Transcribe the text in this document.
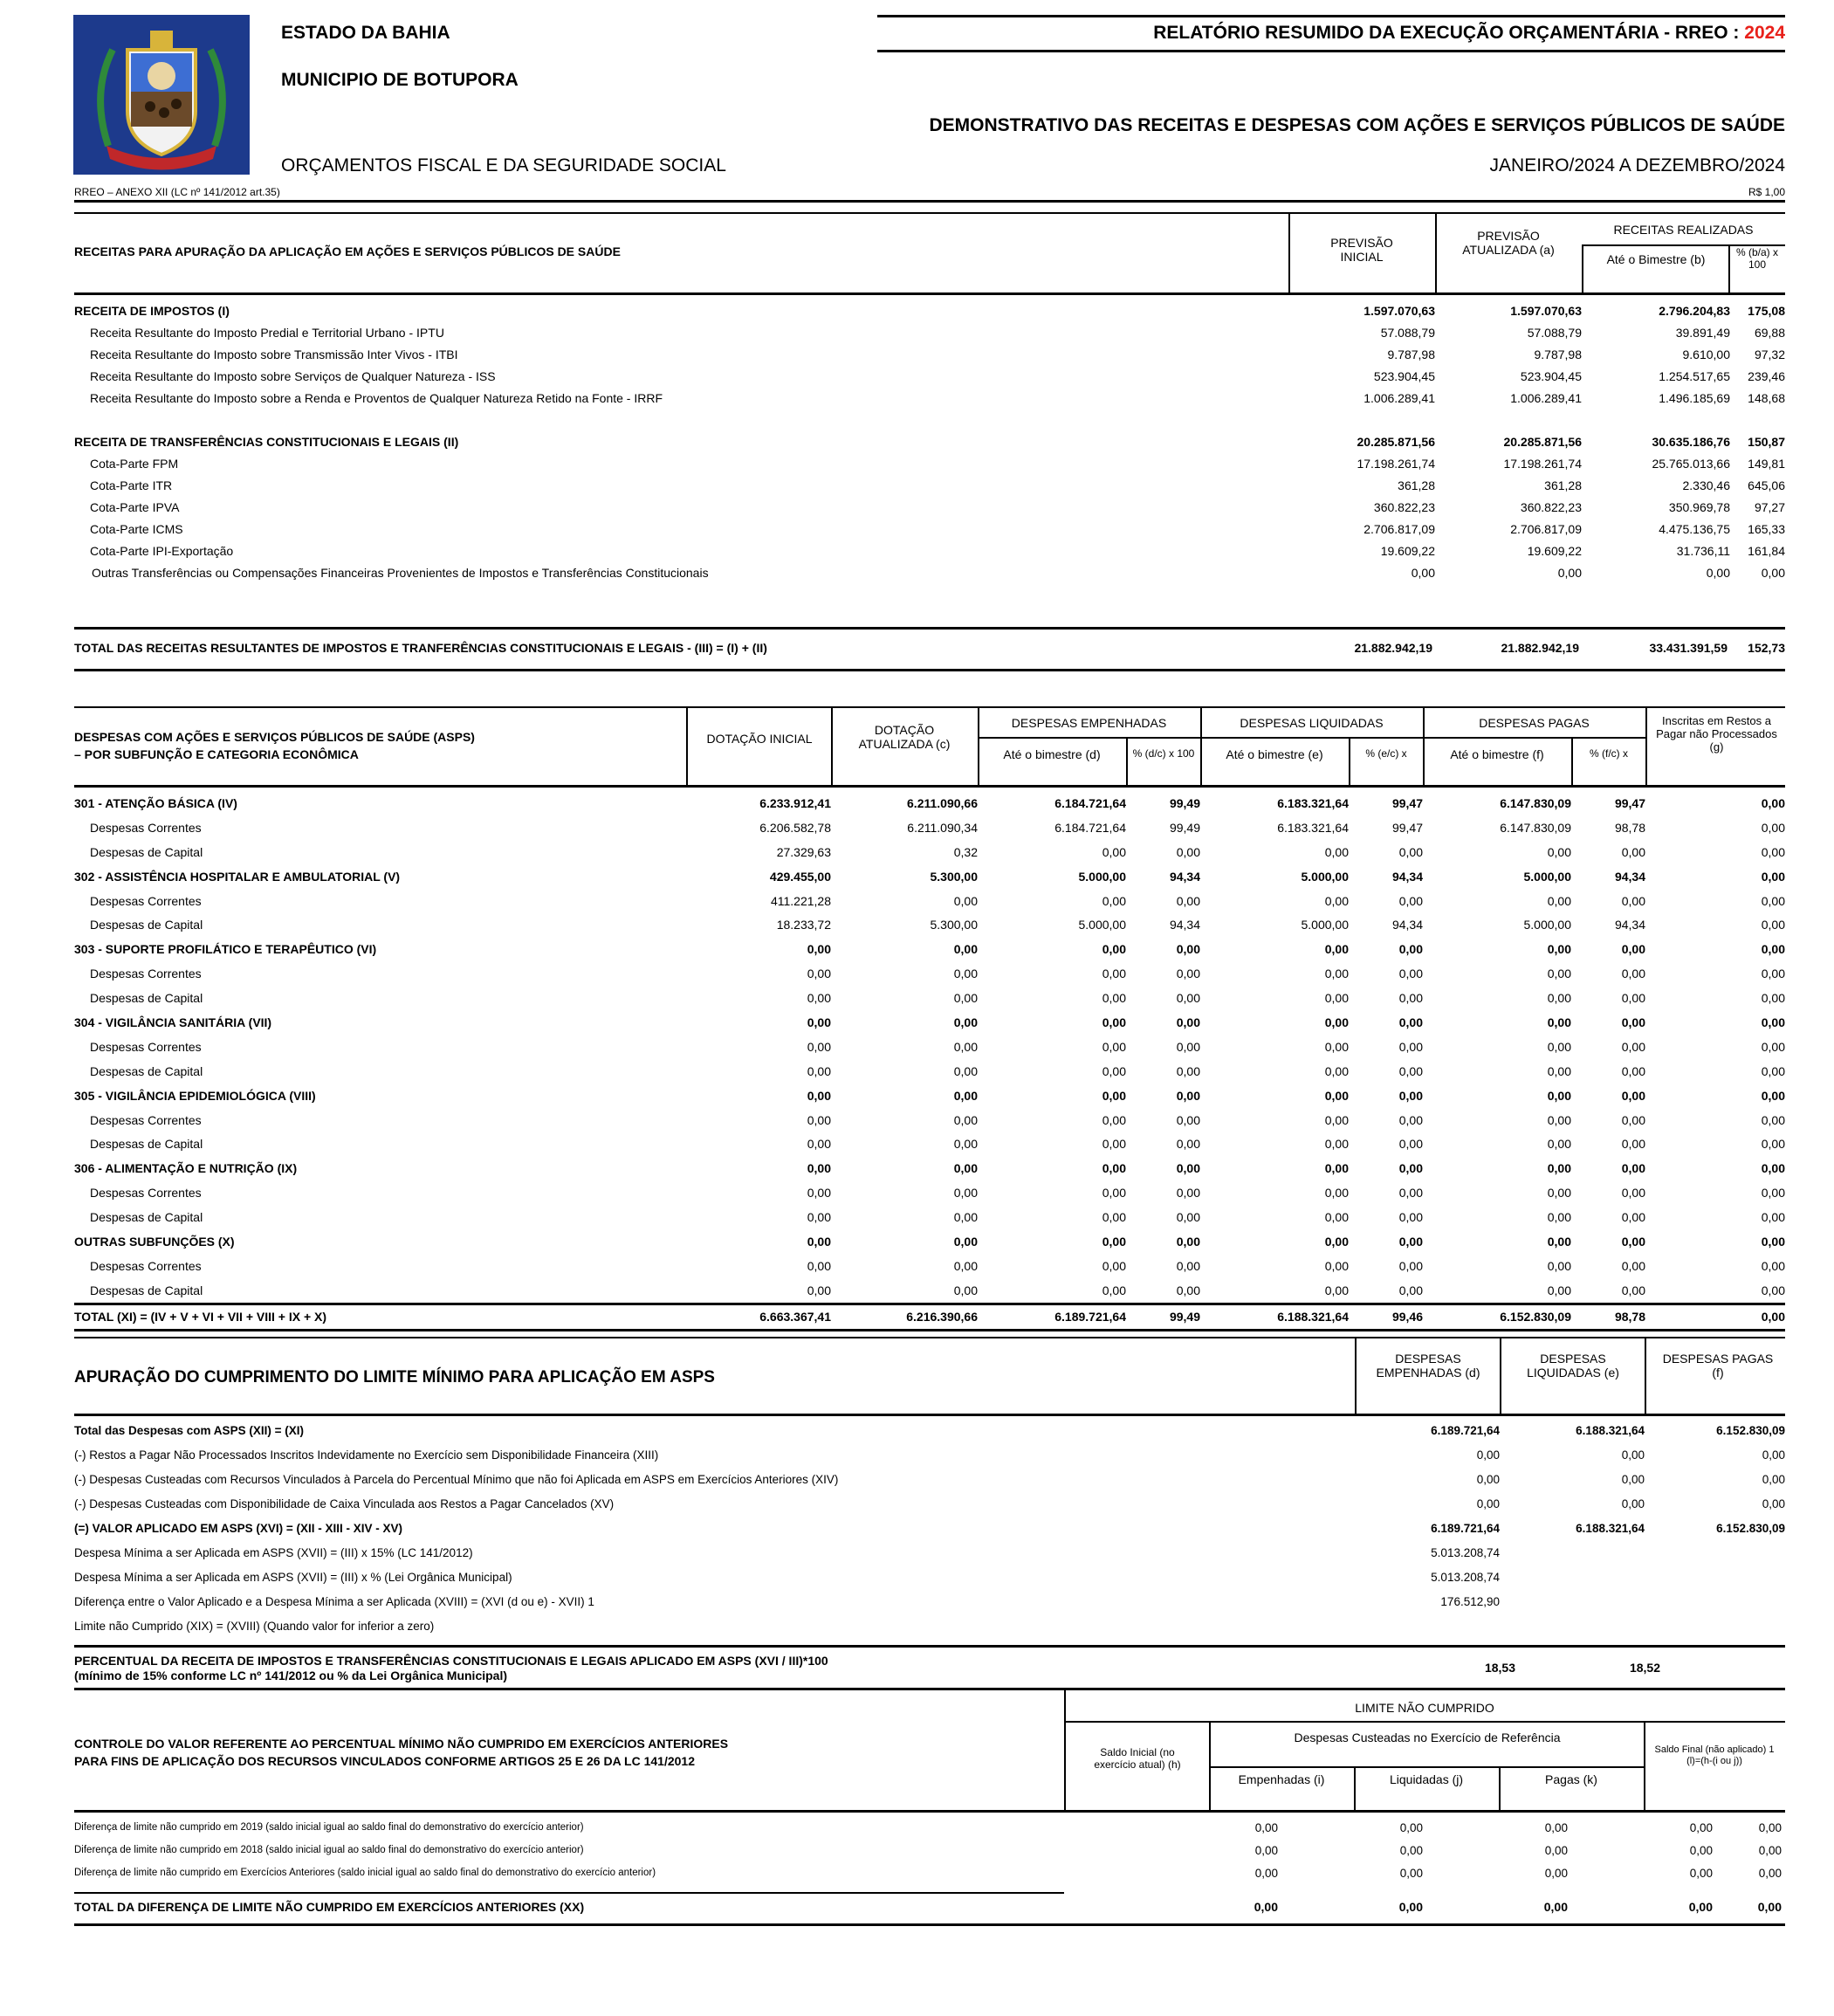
ESTADO DA BAHIA
MUNICIPIO DE BOTUPORA
RELATÓRIO RESUMIDO DA EXECUÇÃO ORÇAMENTÁRIA - RREO : 2024
DEMONSTRATIVO DAS RECEITAS E DESPESAS COM AÇÕES E SERVIÇOS PÚBLICOS DE SAÚDE
ORÇAMENTOS FISCAL E DA SEGURIDADE SOCIAL	JANEIRO/2024 A DEZEMBRO/2024
RREO – ANEXO XII (LC nº 141/2012 art.35)	R$ 1,00
RECEITAS PARA APURAÇÃO DA APLICAÇÃO EM AÇÕES E SERVIÇOS PÚBLICOS DE SAÚDE
PREVISÃO INICIAL
PREVISÃO ATUALIZADA (a)
RECEITAS REALIZADAS
Até o Bimestre (b)	% (b/a) x 100
RECEITA DE IMPOSTOS (I)	1.597.070,63	1.597.070,63	2.796.204,83	175,08
Receita Resultante do Imposto Predial e Territorial Urbano - IPTU	57.088,79	57.088,79	39.891,49	69,88
Receita Resultante do Imposto sobre Transmissão Inter Vivos - ITBI	9.787,98	9.787,98	9.610,00	97,32
Receita Resultante do Imposto sobre Serviços de Qualquer Natureza - ISS	523.904,45	523.904,45	1.254.517,65	239,46
Receita Resultante do Imposto sobre a Renda e Proventos de Qualquer Natureza Retido na Fonte - IRRF	1.006.289,41	1.006.289,41	1.496.185,69	148,68

RECEITA DE TRANSFERÊNCIAS CONSTITUCIONAIS E LEGAIS (II)	20.285.871,56	20.285.871,56	30.635.186,76	150,87
Cota-Parte FPM	17.198.261,74	17.198.261,74	25.765.013,66	149,81
Cota-Parte ITR	361,28	361,28	2.330,46	645,06
Cota-Parte IPVA	360.822,23	360.822,23	350.969,78	97,27
Cota-Parte ICMS	2.706.817,09	2.706.817,09	4.475.136,75	165,33
Cota-Parte IPI-Exportação	19.609,22	19.609,22	31.736,11	161,84
Outras Transferências ou Compensações Financeiras Provenientes de Impostos e Transferências Constitucionais	0,00	0,00	0,00	0,00
TOTAL DAS RECEITAS RESULTANTES DE IMPOSTOS E TRANFERÊNCIAS CONSTITUCIONAIS E LEGAIS - (III) = (I) + (II)	21.882.942,19	21.882.942,19	33.431.391,59 152,73
DESPESAS COM AÇÕES E SERVIÇOS PÚBLICOS DE SAÚDE (ASPS)
– POR SUBFUNÇÃO E CATEGORIA ECONÔMICA
DOTAÇÃO INICIAL
DOTAÇÃO ATUALIZADA (c)
DESPESAS EMPENHADAS	DESPESAS LIQUIDADAS	DESPESAS PAGAS
Até o bimestre (d)	% (d/c) x 100	Até o bimestre (e)	% (e/c) x	Até o bimestre (f)	% (f/c) x
Inscritas em Restos a Pagar não Processados (g)
301 - ATENÇÃO BÁSICA (IV)	6.233.912,41	6.211.090,66	6.184.721,64	99,49	6.183.321,64	99,47	6.147.830,09	99,47	0,00
Despesas Correntes	6.206.582,78	6.211.090,34	6.184.721,64	99,49	6.183.321,64	99,47	6.147.830,09	98,78	0,00
Despesas de Capital	27.329,63	0,32	0,00	0,00	0,00	0,00	0,00	0,00	0,00
302 - ASSISTÊNCIA HOSPITALAR E AMBULATORIAL (V)	429.455,00	5.300,00	5.000,00	94,34	5.000,00	94,34	5.000,00	94,34	0,00
Despesas Correntes	411.221,28	0,00	0,00	0,00	0,00	0,00	0,00	0,00	0,00
Despesas de Capital	18.233,72	5.300,00	5.000,00	94,34	5.000,00	94,34	5.000,00	94,34	0,00
303 - SUPORTE PROFILÁTICO E TERAPÊUTICO (VI)	0,00	0,00	0,00	0,00	0,00	0,00	0,00	0,00	0,00
Despesas Correntes	0,00	0,00	0,00	0,00	0,00	0,00	0,00	0,00	0,00
Despesas de Capital	0,00	0,00	0,00	0,00	0,00	0,00	0,00	0,00	0,00
304 - VIGILÂNCIA SANITÁRIA (VII)	0,00	0,00	0,00	0,00	0,00	0,00	0,00	0,00	0,00
Despesas Correntes	0,00	0,00	0,00	0,00	0,00	0,00	0,00	0,00	0,00
Despesas de Capital	0,00	0,00	0,00	0,00	0,00	0,00	0,00	0,00	0,00
305 - VIGILÂNCIA EPIDEMIOLÓGICA (VIII)	0,00	0,00	0,00	0,00	0,00	0,00	0,00	0,00	0,00
Despesas Correntes	0,00	0,00	0,00	0,00	0,00	0,00	0,00	0,00	0,00
Despesas de Capital	0,00	0,00	0,00	0,00	0,00	0,00	0,00	0,00	0,00
306 - ALIMENTAÇÃO E NUTRIÇÃO (IX)	0,00	0,00	0,00	0,00	0,00	0,00	0,00	0,00	0,00
Despesas Correntes	0,00	0,00	0,00	0,00	0,00	0,00	0,00	0,00	0,00
Despesas de Capital	0,00	0,00	0,00	0,00	0,00	0,00	0,00	0,00	0,00
OUTRAS SUBFUNÇÕES (X)	0,00	0,00	0,00	0,00	0,00	0,00	0,00	0,00	0,00
Despesas Correntes	0,00	0,00	0,00	0,00	0,00	0,00	0,00	0,00	0,00
Despesas de Capital	0,00	0,00	0,00	0,00	0,00	0,00	0,00	0,00	0,00
TOTAL (XI) = (IV + V + VI + VII + VIII + IX + X)	6.663.367,41	6.216.390,66	6.189.721,64	99,49	6.188.321,64	99,46	6.152.830,09	98,78	0,00
APURAÇÃO DO CUMPRIMENTO DO LIMITE MÍNIMO PARA APLICAÇÃO EM ASPS
DESPESAS EMPENHADAS (d)
DESPESAS LIQUIDADAS (e)
DESPESAS PAGAS (f)
Total das Despesas com ASPS (XII) = (XI)	6.189.721,64	6.188.321,64	6.152.830,09
(-) Restos a Pagar Não Processados Inscritos Indevidamente no Exercício sem Disponibilidade Financeira (XIII)	0,00	0,00	0,00
(-) Despesas Custeadas com Recursos Vinculados à Parcela do Percentual Mínimo que não foi Aplicada em ASPS em Exercícios Anteriores (XIV)	0,00	0,00	0,00
(-) Despesas Custeadas com Disponibilidade de Caixa Vinculada aos Restos a Pagar Cancelados (XV)	0,00	0,00	0,00
(=) VALOR APLICADO EM ASPS (XVI) = (XII - XIII - XIV - XV)	6.189.721,64	6.188.321,64	6.152.830,09
Despesa Mínima a ser Aplicada em ASPS (XVII) = (III) x 15% (LC 141/2012)	5.013.208,74		
Despesa Mínima a ser Aplicada em ASPS (XVII) = (III) x % (Lei Orgânica Municipal)	5.013.208,74		
Diferença entre o Valor Aplicado e a Despesa Mínima a ser Aplicada (XVIII) = (XVI (d ou e) - XVII) 1	176.512,90		
Limite não Cumprido (XIX) = (XVIII) (Quando valor for inferior a zero)			
PERCENTUAL DA RECEITA DE IMPOSTOS E TRANSFERÊNCIAS CONSTITUCIONAIS E LEGAIS APLICADO EM ASPS (XVI / III)*100
(mínimo de 15% conforme LC nº 141/2012 ou % da Lei Orgânica Municipal)
18,53	18,52
CONTROLE DO VALOR REFERENTE AO PERCENTUAL MÍNIMO NÃO CUMPRIDO EM EXERCÍCIOS ANTERIORES
PARA FINS DE APLICAÇÃO DOS RECURSOS VINCULADOS CONFORME ARTIGOS 25 E 26 DA LC 141/2012
LIMITE NÃO CUMPRIDO
Saldo Inicial (no exercício atual) (h)
Despesas Custeadas no Exercício de Referência
Empenhadas (i)	Liquidadas (j)	Pagas (k)
Saldo Final (não aplicado) 1 (l)=(h-(i ou j))
Diferença de limite não cumprido em 2019 (saldo inicial igual ao saldo final do demonstrativo do exercício anterior)	0,00	0,00	0,00	0,00	0,00
Diferença de limite não cumprido em 2018 (saldo inicial igual ao saldo final do demonstrativo do exercício anterior)	0,00	0,00	0,00	0,00	0,00
Diferença de limite não cumprido em Exercícios Anteriores (saldo inicial igual ao saldo final do demonstrativo do exercício anterior)	0,00	0,00	0,00	0,00	0,00
TOTAL DA DIFERENÇA DE LIMITE NÃO CUMPRIDO EM EXERCÍCIOS ANTERIORES (XX)	0,00	0,00	0,00	0,00	0,00
